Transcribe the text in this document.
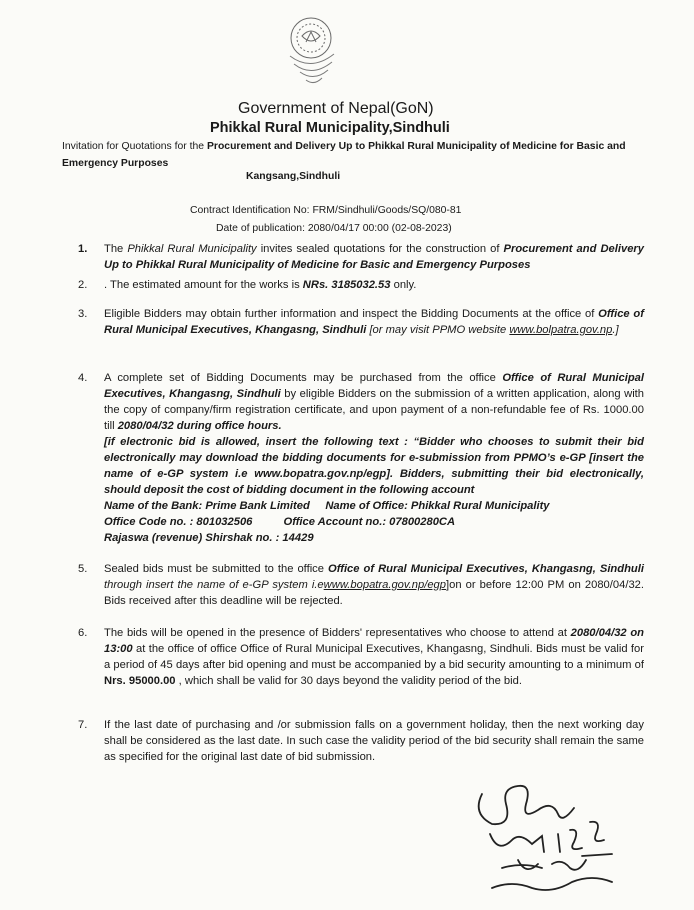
Government of Nepal(GoN)
Phikkal Rural Municipality,Sindhuli
Invitation for Quotations for the Procurement and Delivery Up to Phikkal Rural Municipality of Medicine for Basic and Emergency Purposes
Kangsang,Sindhuli
Contract Identification No: FRM/Sindhuli/Goods/SQ/080-81
Date of publication: 2080/04/17 00:00 (02-08-2023)
1.	The Phikkal Rural Municipality invites sealed quotations for the construction of Procurement and Delivery Up to Phikkal Rural Municipality of Medicine for Basic and Emergency Purposes
2.	. The estimated amount for the works is NRs. 3185032.53 only.
3.	Eligible Bidders may obtain further information and inspect the Bidding Documents at the office of Office of Rural Municipal Executives, Khangasng, Sindhuli [or may visit PPMO website www.bolpatra.gov.np.]
4.	A complete set of Bidding Documents may be purchased from the office Office of Rural Municipal Executives, Khangasng, Sindhuli by eligible Bidders on the submission of a written application, along with the copy of company/firm registration certificate, and upon payment of a non-refundable fee of Rs. 1000.00 till 2080/04/32 during office hours.
[if electronic bid is allowed, insert the following text : “Bidder who chooses to submit their bid electronically may download the bidding documents for e-submission from PPMO’s e-GP [insert the name of e-GP system i.e www.bopatra.gov.np/egp]. Bidders, submitting their bid electronically, should deposit the cost of bidding document in the following account
Name of the Bank: Prime Bank Limited     Name of Office: Phikkal Rural Municipality
Office Code no. : 801032506          Office Account no.: 07800280CA
Rajaswa (revenue) Shirshak no. : 14429
5.	Sealed bids must be submitted to the office Office of Rural Municipal Executives, Khangasng, Sindhuli through insert the name of e-GP system i.ewww.bopatra.gov.np/egp]on or before 12:00 PM on 2080/04/32. Bids received after this deadline will be rejected.
6.	The bids will be opened in the presence of Bidders' representatives who choose to attend at 2080/04/32 on 13:00 at the office of office Office of Rural Municipal Executives, Khangasng, Sindhuli. Bids must be valid for a period of 45 days after bid opening and must be accompanied by a bid security amounting to a minimum of Nrs. 95000.00 , which shall be valid for 30 days beyond the validity period of the bid.
7.	If the last date of purchasing and /or submission falls on a government holiday, then the next working day shall be considered as the last date. In such case the validity period of the bid security shall remain the same as specified for the original last date of bid submission.
